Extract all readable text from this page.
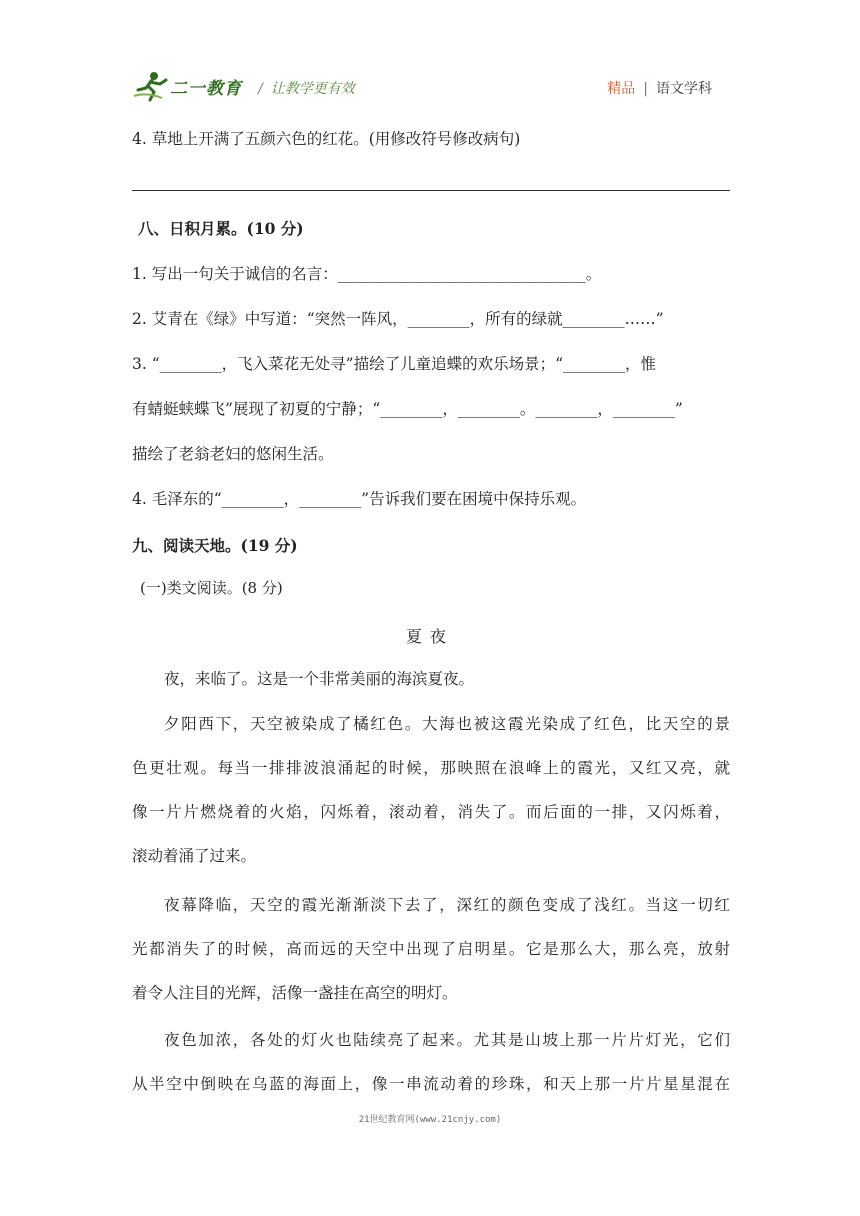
二一教育 / 让教学更有效	精品 | 语文学科
4. 草地上开满了五颜六色的红花。(用修改符号修改病句)
八、日积月累。(10 分)
1. 写出一句关于诚信的名言：________________________________。
2. 艾青在《绿》中写道：“突然一阵风，________，所有的绿就________……”
3. “________，飞入菜花无处寻”描绘了儿童追蝶的欢乐场景；“________，惟
有蜻蜓蛱蝶飞”展现了初夏的宁静；“________，________。________，________”
描绘了老翁老妇的悠闲生活。
4. 毛泽东的“________，________”告诉我们要在困境中保持乐观。
九、阅读天地。(19 分)
(一)类文阅读。(8 分)
夏夜
夜，来临了。这是一个非常美丽的海滨夏夜。
夕阳西下，天空被染成了橘红色。大海也被这霞光染成了红色，比天空的景
色更壮观。每当一排排波浪涌起的时候，那映照在浪峰上的霞光，又红又亮，就
像一片片燃烧着的火焰，闪烁着，滚动着，消失了。而后面的一排，又闪烁着，
滚动着涌了过来。
夜幕降临，天空的霞光渐渐淡下去了，深红的颜色变成了浅红。当这一切红
光都消失了的时候，高而远的天空中出现了启明星。它是那么大，那么亮，放射
着令人注目的光辉，活像一盏挂在高空的明灯。
夜色加浓，各处的灯火也陆续亮了起来。尤其是山坡上那一片片灯光，它们
从半空中倒映在乌蓝的海面上，像一串流动着的珍珠，和天上那一片片星星混在
21世纪教育网(www.21cnjy.com)
